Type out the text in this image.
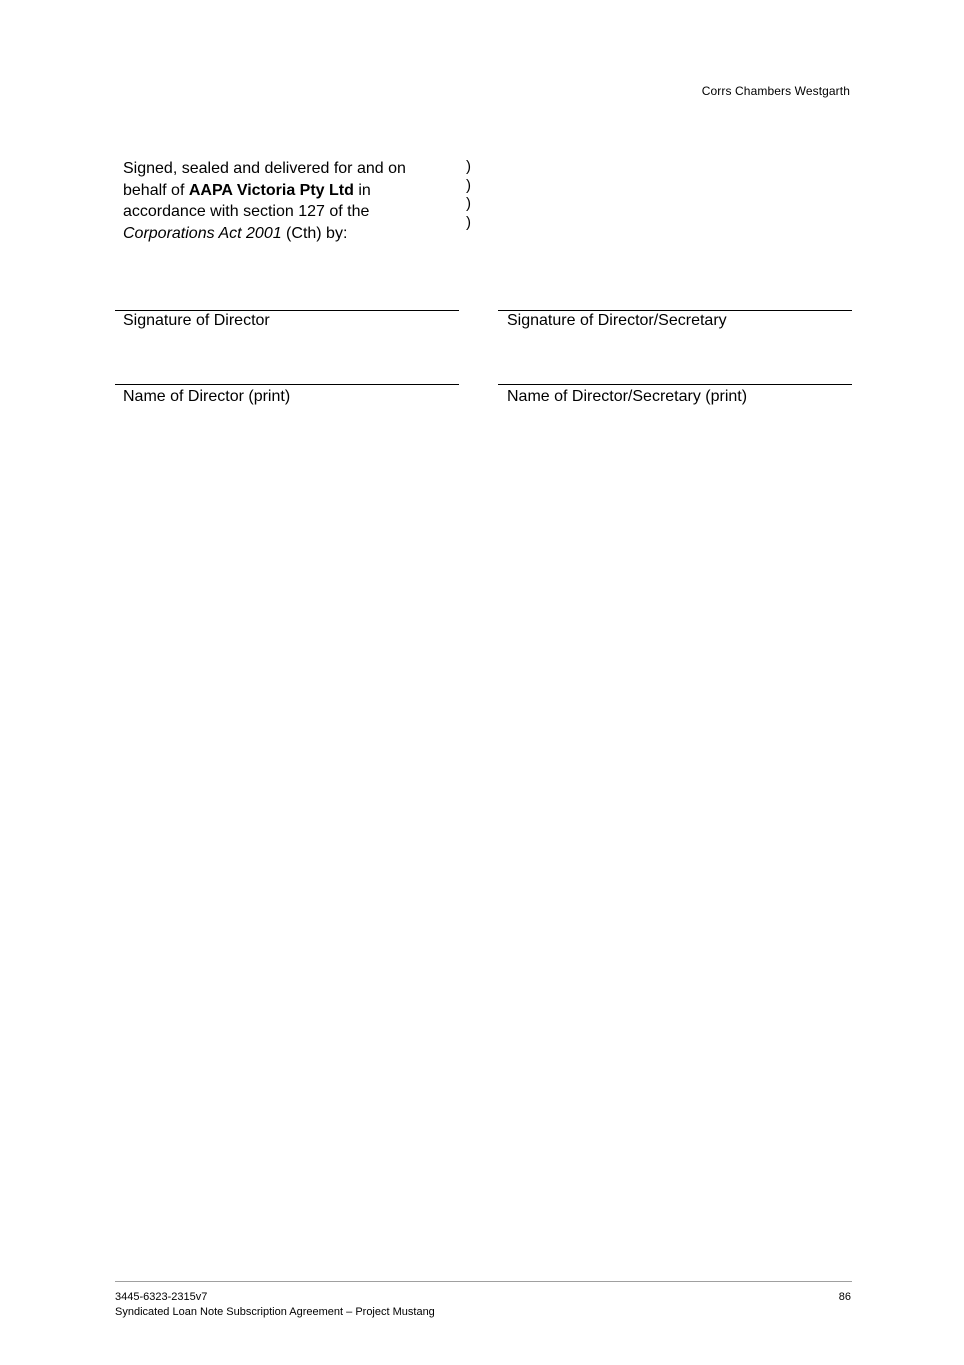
Corrs Chambers Westgarth
Signed, sealed and delivered for and on
behalf of AAPA Victoria Pty Ltd in
accordance with section 127 of the
Corporations Act 2001 (Cth) by:
)
)
)
)
Signature of Director	Signature of Director/Secretary
Name of Director (print)	Name of Director/Secretary (print)
3445-6323-2315v7
Syndicated Loan Note Subscription Agreement – Project Mustang
86
